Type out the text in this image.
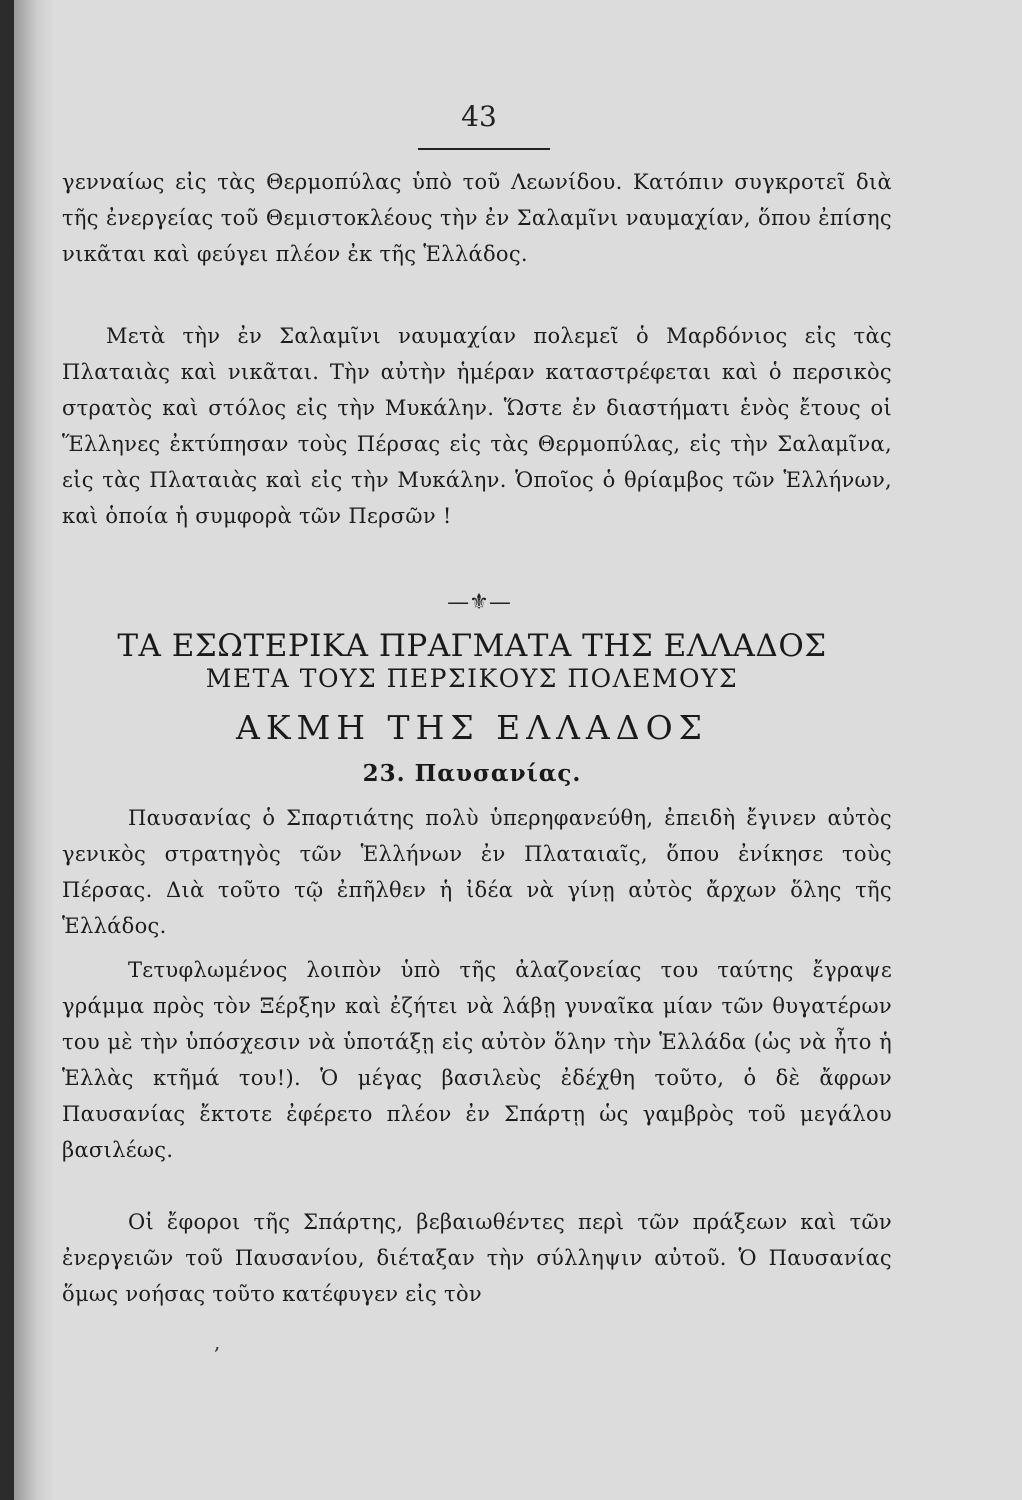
43

γενναίως εἰς τὰς Θερμοπύλας ὑπὸ τοῦ Λεωνίδου. Κατόπιν συγκροτεῖ διὰ τῆς ἐνεργείας τοῦ Θεμιστοκλέους τὴν ἐν Σαλαμῖνι ναυμαχίαν, ὅπου ἐπίσης νικᾶται καὶ φεύγει πλέον ἐκ τῆς Ἑλλάδος.

Μετὰ τὴν ἐν Σαλαμῖνι ναυμαχίαν πολεμεῖ ὁ Μαρδόνιος εἰς τὰς Πλαταιὰς καὶ νικᾶται. Τὴν αὐτὴν ἡμέραν καταστρέφεται καὶ ὁ περσικὸς στρατὸς καὶ στόλος εἰς τὴν Μυκάλην. Ὥστε ἐν διαστήματι ἑνὸς ἔτους οἱ Ἕλληνες ἐκτύπησαν τοὺς Πέρσας εἰς τὰς Θερμοπύλας, εἰς τὴν Σαλαμῖνα, εἰς τὰς Πλαταιὰς καὶ εἰς τὴν Μυκάλην. Ὁποῖος ὁ θρίαμβος τῶν Ἑλλήνων, καὶ ὁποία ἡ συμφορὰ τῶν Περσῶν !

—⚜—
ΤΑ ΕΣΩΤΕΡΙΚΑ ΠΡΑΓΜΑΤΑ ΤΗΣ ΕΛΛΑΔΟΣ
ΜΕΤΑ ΤΟΥΣ ΠΕΡΣΙΚΟΥΣ ΠΟΛΕΜΟΥΣ
ΑΚΜΗ ΤΗΣ ΕΛΛΑΔΟΣ
23. Παυσανίας.

Παυσανίας ὁ Σπαρτιάτης πολὺ ὑπερηφανεύθη, ἐπειδὴ ἔγινεν αὐτὸς γενικὸς στρατηγὸς τῶν Ἑλλήνων ἐν Πλαταιαῖς, ὅπου ἐνίκησε τοὺς Πέρσας. Διὰ τοῦτο τῷ ἐπῆλθεν ἡ ἰδέα νὰ γίνῃ αὐτὸς ἄρχων ὅλης τῆς Ἑλλάδος.

Τετυφλωμένος λοιπὸν ὑπὸ τῆς ἀλαζονείας του ταύτης ἔγραψε γράμμα πρὸς τὸν Ξέρξην καὶ ἐζήτει νὰ λάβῃ γυναῖκα μίαν τῶν θυγατέρων του μὲ τὴν ὑπόσχεσιν νὰ ὑποτάξῃ εἰς αὐτὸν ὅλην τὴν Ἑλλάδα (ὡς νὰ ἦτο ἡ Ἑλλὰς κτῆμά του!). Ὁ μέγας βασιλεὺς ἐδέχθη τοῦτο, ὁ δὲ ἄφρων Παυσανίας ἔκτοτε ἐφέρετο πλέον ἐν Σπάρτῃ ὡς γαμβρὸς τοῦ μεγάλου βασιλέως.

Οἱ ἔφοροι τῆς Σπάρτης, βεβαιωθέντες περὶ τῶν πράξεων καὶ τῶν ἐνεργειῶν τοῦ Παυσανίου, διέταξαν τὴν σύλληψιν αὐτοῦ. Ὁ Παυσανίας ὅμως νοήσας τοῦτο κατέφυγεν εἰς τὸν

,
